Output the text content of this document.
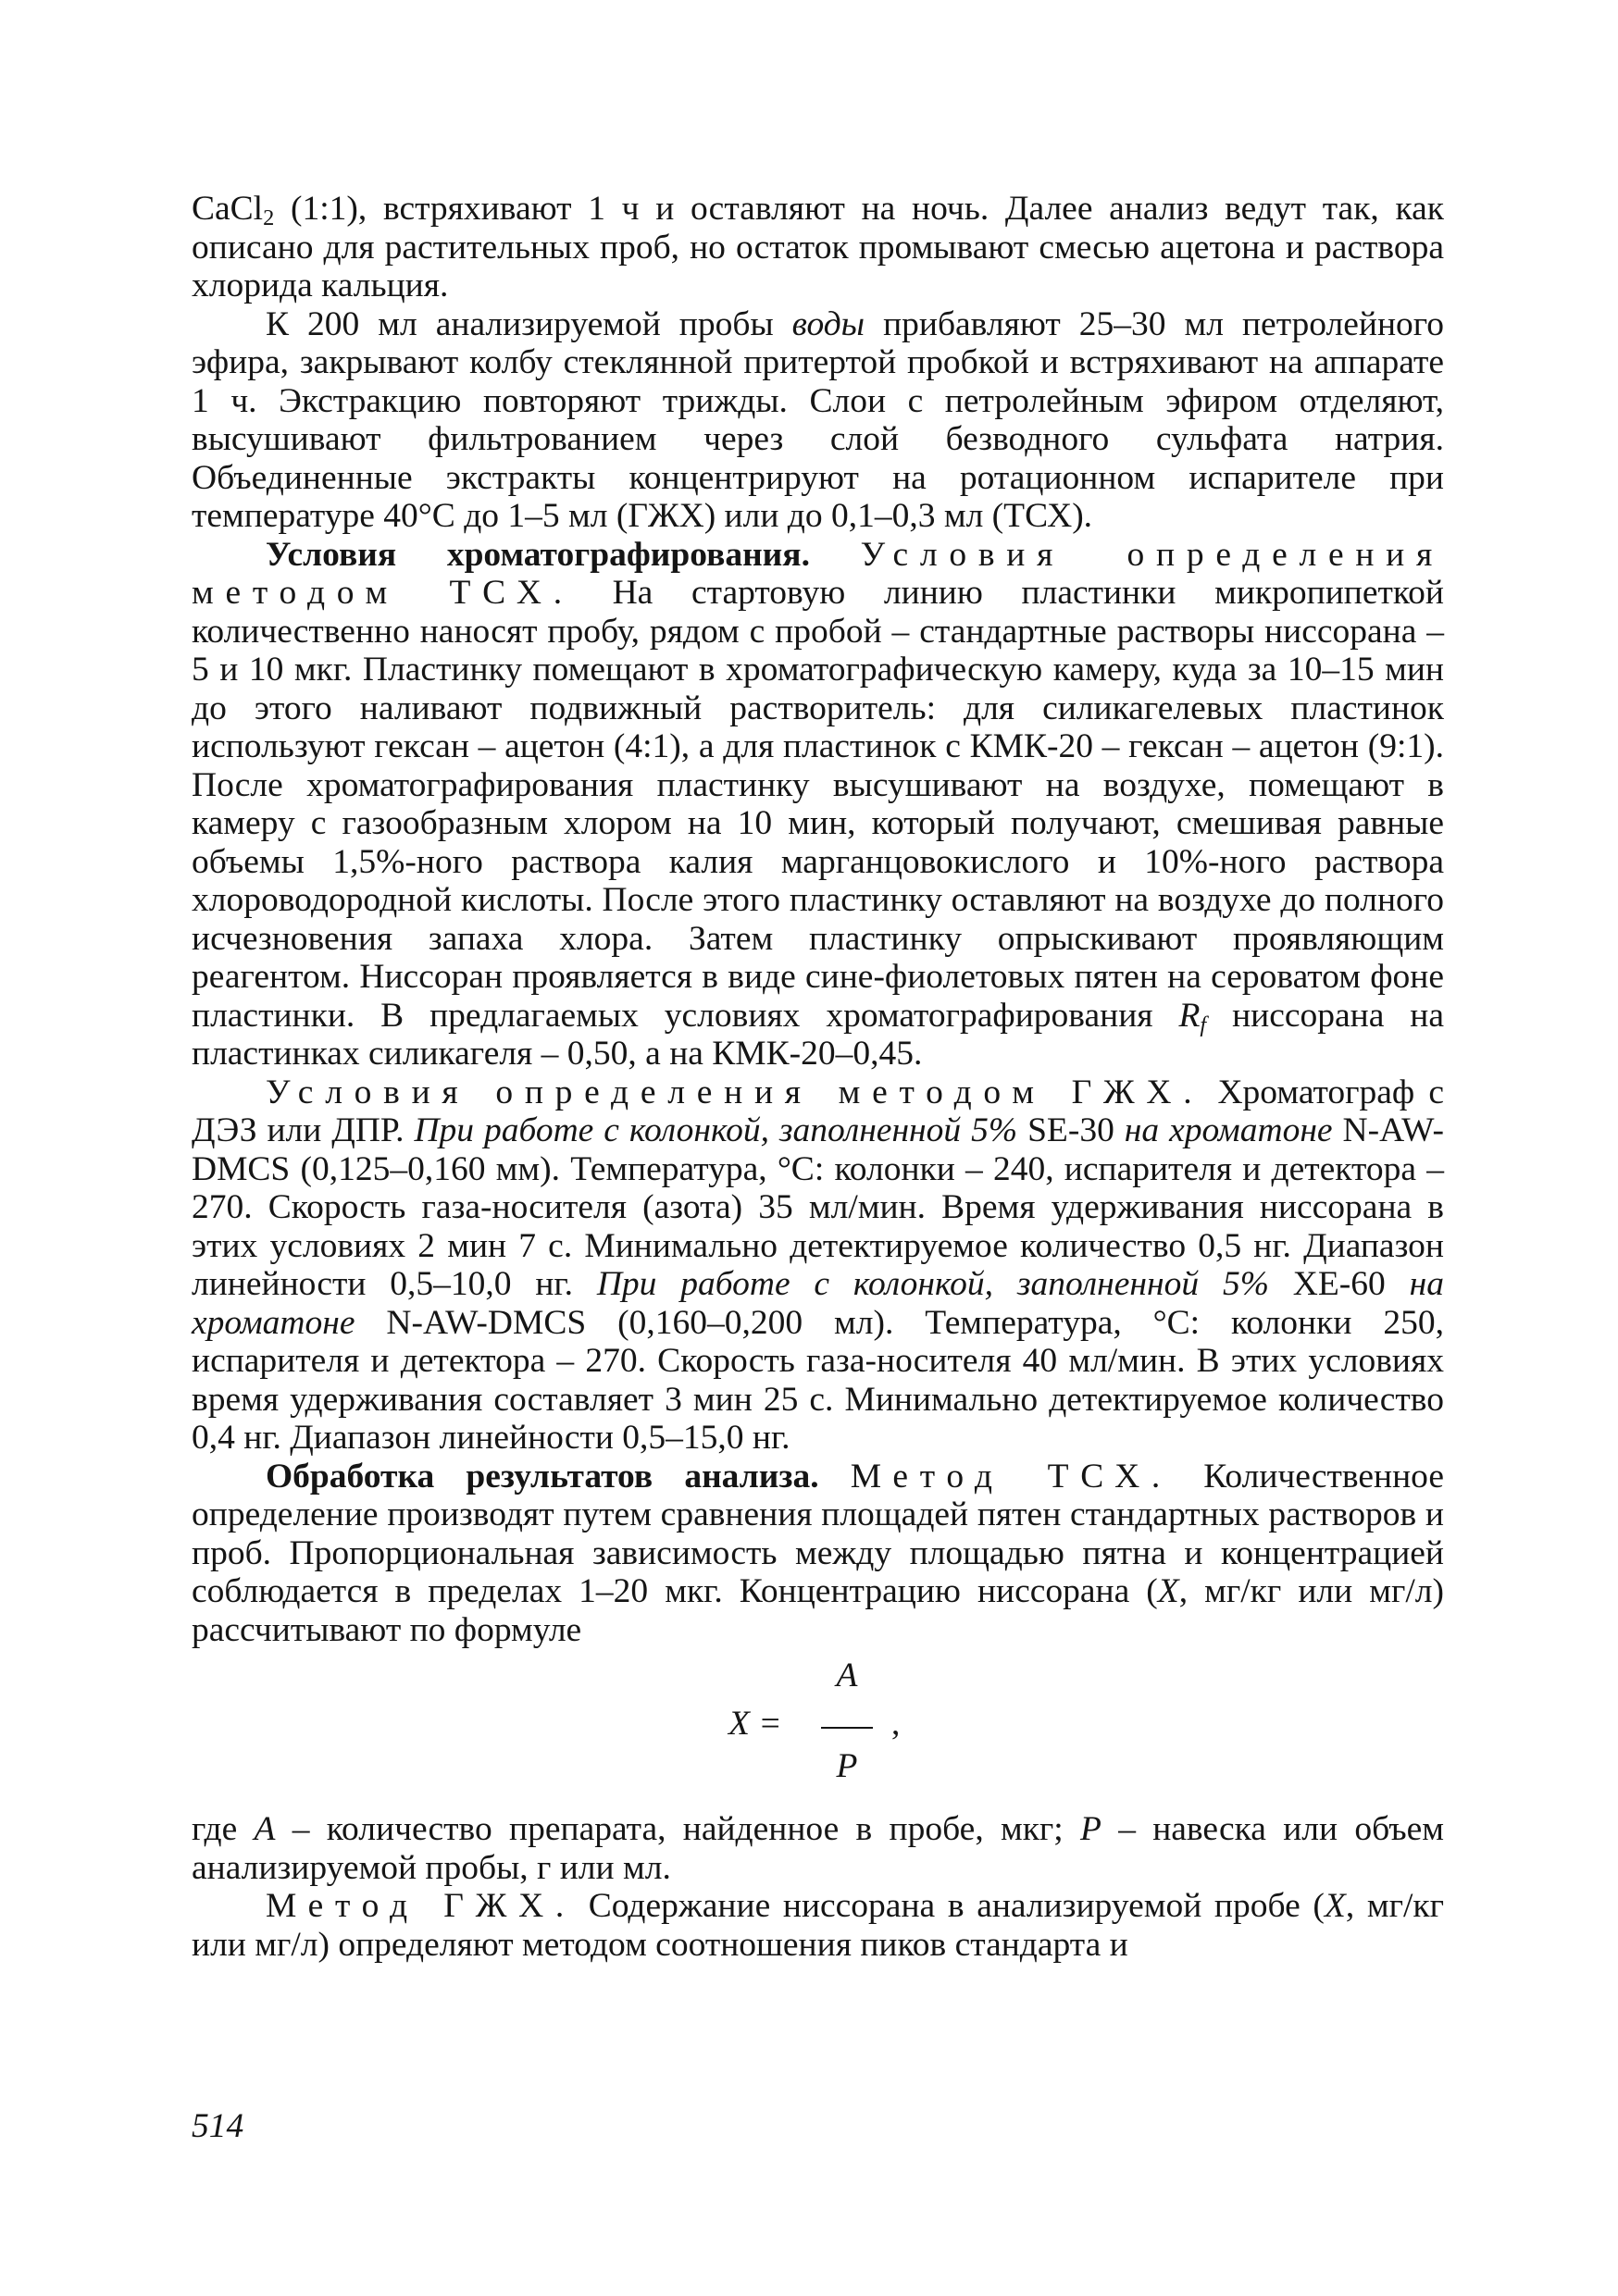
CaCl$_2$ (1:1), встряхивают 1 ч и оставляют на ночь. Далее анализ ведут так, как описано для растительных проб, но остаток промывают смесью ацетона и раствора хлорида кальция.

К 200 мл анализируемой пробы воды прибавляют 25–30 мл петролейного эфира, закрывают колбу стеклянной притертой пробкой и встряхивают на аппарате 1 ч. Экстракцию повторяют трижды. Слои с петролейным эфиром отделяют, высушивают фильтрованием через слой безводного сульфата натрия. Объединенные экстракты концентрируют на ротационном испарителе при температуре 40°С до 1–5 мл (ГЖХ) или до 0,1–0,3 мл (ТСХ).

Условия хроматографирования. Условия определения методом ТСХ. На стартовую линию пластинки микропипеткой количественно наносят пробу, рядом с пробой – стандартные растворы ниссорана – 5 и 10 мкг. Пластинку помещают в хроматографическую камеру, куда за 10–15 мин до этого наливают подвижный растворитель: для силикагелевых пластинок используют гексан – ацетон (4:1), а для пластинок с КМК-20 – гексан – ацетон (9:1). После хроматографирования пластинку высушивают на воздухе, помещают в камеру с газообразным хлором на 10 мин, который получают, смешивая равные объемы 1,5%-ного раствора калия марганцовокислого и 10%-ного раствора хлороводородной кислоты. После этого пластинку оставляют на воздухе до полного исчезновения запаха хлора. Затем пластинку опрыскивают проявляющим реагентом. Ниссоран проявляется в виде сине-фиолетовых пятен на сероватом фоне пластинки. В предлагаемых условиях хроматографирования $R_f$ ниссорана на пластинках силикагеля – 0,50, а на КМК-20–0,45.

Условия определения методом ГЖХ. Хроматограф с ДЭЗ или ДПР. При работе с колонкой, заполненной 5% SE-30 на хроматоне N-AW-DMCS (0,125–0,160 мм). Температура, °С: колонки – 240, испарителя и детектора – 270. Скорость газа-носителя (азота) 35 мл/мин. Время удерживания ниссорана в этих условиях 2 мин 7 с. Минимально детектируемое количество 0,5 нг. Диапазон линейности 0,5–10,0 нг. При работе с колонкой, заполненной 5% XE-60 на хроматоне N-AW-DMCS (0,160–0,200 мл). Температура, °С: колонки 250, испарителя и детектора – 270. Скорость газа-носителя 40 мл/мин. В этих условиях время удерживания составляет 3 мин 25 с. Минимально детектируемое количество 0,4 нг. Диапазон линейности 0,5–15,0 нг.

Обработка результатов анализа. Метод ТСХ. Количественное определение производят путем сравнения площадей пятен стандартных растворов и проб. Пропорциональная зависимость между площадью пятна и концентрацией соблюдается в пределах 1–20 мкг. Концентрацию ниссорана (X, мг/кг или мг/л) рассчитывают по формуле

X =
A
P
,

где A – количество препарата, найденное в пробе, мкг; P – навеска или объем анализируемой пробы, г или мл.

Метод ГЖХ. Содержание ниссорана в анализируемой пробе (X, мг/кг или мг/л) определяют методом соотношения пиков стандарта и

514
